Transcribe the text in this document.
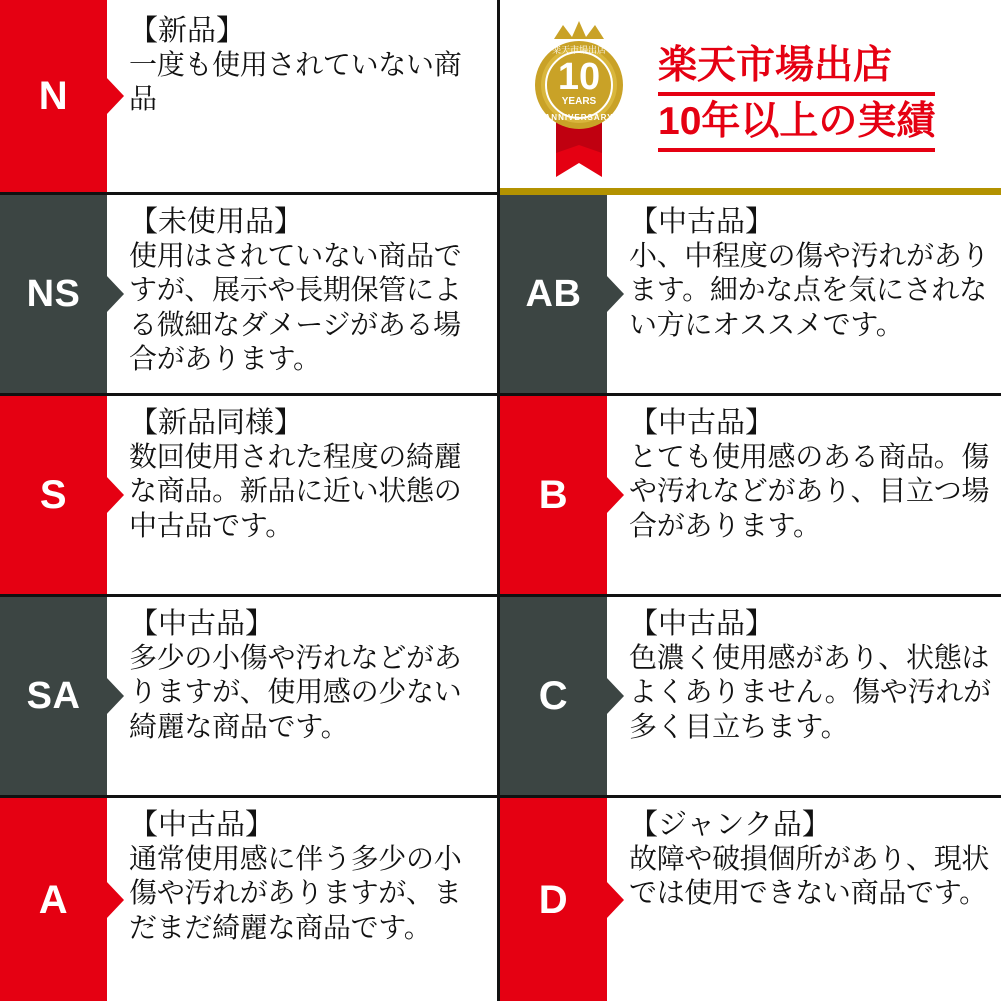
N
【新品】
一度も使用されていない商品
10
YEARS
ANNIVERSARY
楽天市場出店 楽天市場出店
10年以上の実績
NS
【未使用品】
使用はされていない商品ですが、展示や長期保管による微細なダメージがある場合があります。
AB
【中古品】
小、中程度の傷や汚れがあります。細かな点を気にされない方にオススメです。
S
【新品同様】
数回使用された程度の綺麗な商品。新品に近い状態の中古品です。
B
【中古品】
とても使用感のある商品。傷や汚れなどがあり、目立つ場合があります。
SA
【中古品】
多少の小傷や汚れなどがありますが、使用感の少ない綺麗な商品です。
C
【中古品】
色濃く使用感があり、状態はよくありません。傷や汚れが多く目立ちます。
A
【中古品】
通常使用感に伴う多少の小傷や汚れがありますが、まだまだ綺麗な商品です。
D
【ジャンク品】
故障や破損個所があり、現状では使用できない商品です。
